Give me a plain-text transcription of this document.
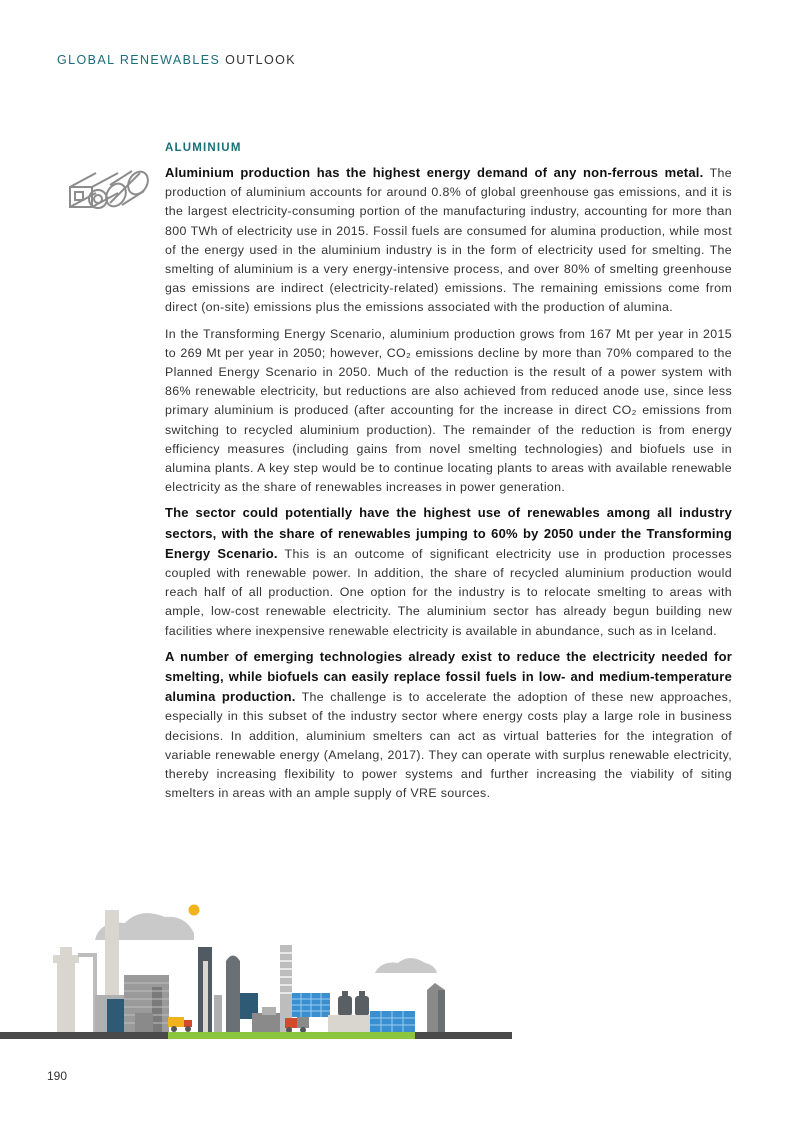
GLOBAL RENEWABLES OUTLOOK
ALUMINIUM

Aluminium production has the highest energy demand of any non-ferrous metal. The production of aluminium accounts for around 0.8% of global greenhouse gas emissions, and it is the largest electricity-consuming portion of the manufacturing industry, accounting for more than 800 TWh of electricity use in 2015. Fossil fuels are consumed for alumina production, while most of the energy used in the aluminium industry is in the form of electricity used for smelting. The smelting of aluminium is a very energy-intensive process, and over 80% of smelting greenhouse gas emissions are indirect (electricity-related) emissions. The remaining emissions come from direct (on-site) emissions plus the emissions associated with the production of alumina.

In the Transforming Energy Scenario, aluminium production grows from 167 Mt per year in 2015 to 269 Mt per year in 2050; however, CO₂ emissions decline by more than 70% compared to the Planned Energy Scenario in 2050. Much of the reduction is the result of a power system with 86% renewable electricity, but reductions are also achieved from reduced anode use, since less primary aluminium is produced (after accounting for the increase in direct CO₂ emissions from switching to recycled aluminium production). The remainder of the reduction is from energy efficiency measures (including gains from novel smelting technologies) and biofuels use in alumina plants. A key step would be to continue locating plants to areas with available renewable electricity as the share of renewables increases in power generation.

The sector could potentially have the highest use of renewables among all industry sectors, with the share of renewables jumping to 60% by 2050 under the Transforming Energy Scenario. This is an outcome of significant electricity use in production processes coupled with renewable power. In addition, the share of recycled aluminium production would reach half of all production. One option for the industry is to relocate smelting to areas with ample, low-cost renewable electricity. The aluminium sector has already begun building new facilities where inexpensive renewable electricity is available in abundance, such as in Iceland.

A number of emerging technologies already exist to reduce the electricity needed for smelting, while biofuels can easily replace fossil fuels in low- and medium-temperature alumina production. The challenge is to accelerate the adoption of these new approaches, especially in this subset of the industry sector where energy costs play a large role in business decisions. In addition, aluminium smelters can act as virtual batteries for the integration of variable renewable energy (Amelang, 2017). They can operate with surplus renewable electricity, thereby increasing flexibility to power systems and further increasing the viability of siting smelters in areas with an ample supply of VRE sources.

190
